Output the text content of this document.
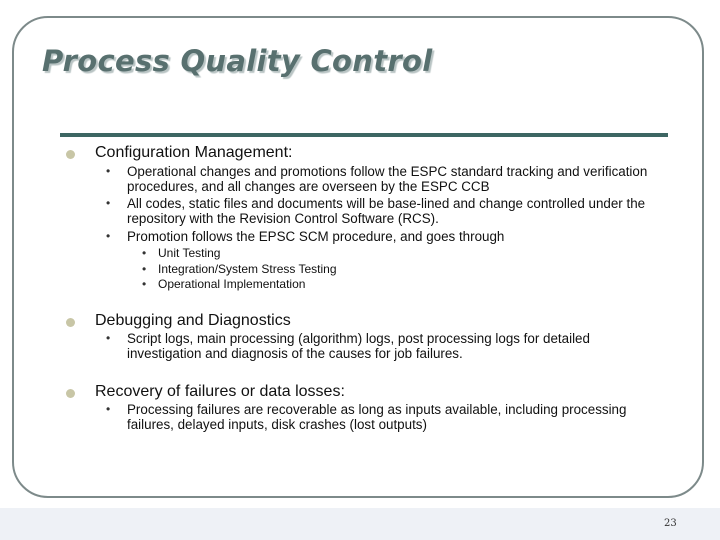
Process Quality Control
Configuration Management:
• Operational changes and promotions follow the ESPC standard tracking and verification procedures, and all changes are overseen by the ESPC CCB
• All codes, static files and documents will be base-lined and change controlled under the repository with the Revision Control Software (RCS).
• Promotion follows the EPSC SCM procedure, and goes through
• Unit Testing
• Integration/System Stress Testing
• Operational Implementation
Debugging and Diagnostics
• Script logs, main processing (algorithm) logs, post processing logs for detailed investigation and diagnosis of the causes for job failures.
Recovery of failures or data losses:
• Processing failures are recoverable as long as inputs available, including processing failures, delayed inputs, disk crashes (lost outputs)
23
